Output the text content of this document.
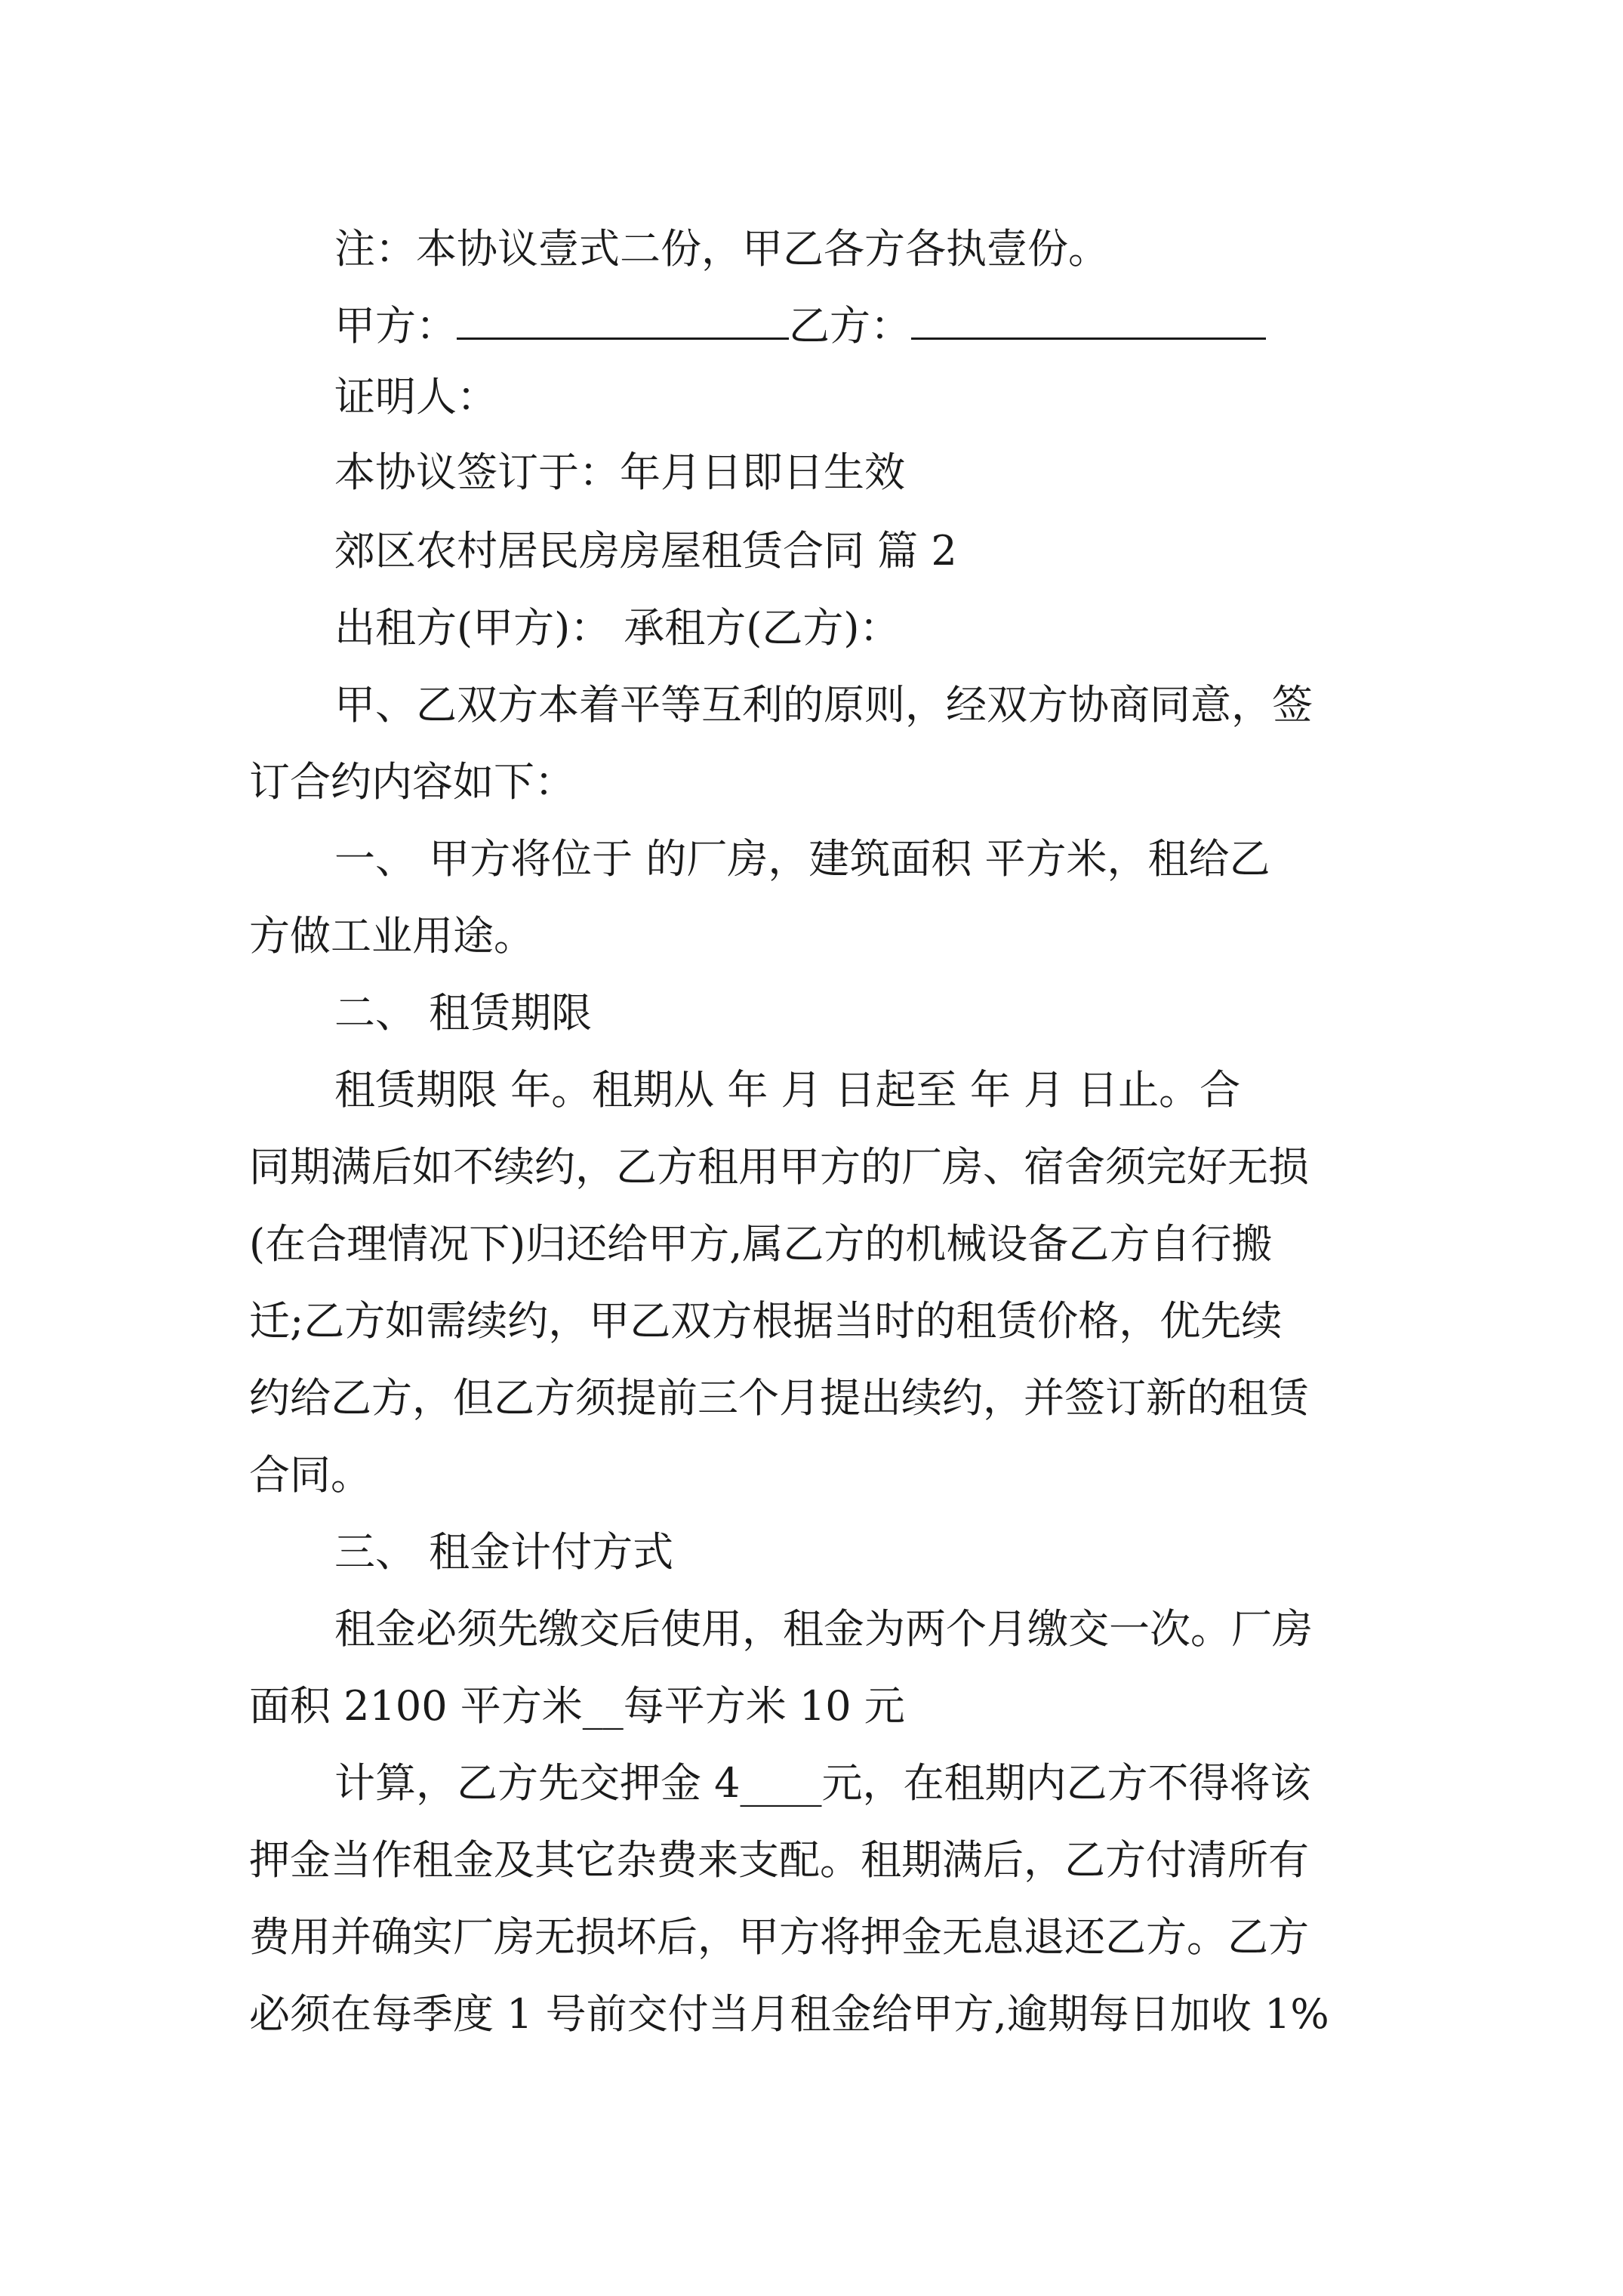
注：本协议壹式二份，甲乙各方各执壹份。
甲方：	乙方：
证明人：
本协议签订于：年月日即日生效
郊区农村居民房房屋租赁合同 篇 2
出租方(甲方)： 承租方(乙方)：
甲、乙双方本着平等互利的原则，经双方协商同意，签
订合约内容如下：
一、 甲方将位于 的厂房，建筑面积 平方米，租给乙
方做工业用途。
二、 租赁期限
租赁期限 年。租期从 年 月 日起至 年 月 日止。合
同期满后如不续约，乙方租用甲方的厂房、宿舍须完好无损
(在合理情况下)归还给甲方,属乙方的机械设备乙方自行搬
迁;乙方如需续约，甲乙双方根据当时的租赁价格，优先续
约给乙方，但乙方须提前三个月提出续约，并签订新的租赁
合同。
三、 租金计付方式
租金必须先缴交后使用，租金为两个月缴交一次。厂房
面积 2100 平方米__每平方米 10 元
计算，乙方先交押金 4____元，在租期内乙方不得将该
押金当作租金及其它杂费来支配。租期满后，乙方付清所有
费用并确实厂房无损坏后，甲方将押金无息退还乙方。乙方
必须在每季度 1 号前交付当月租金给甲方,逾期每日加收 1%
